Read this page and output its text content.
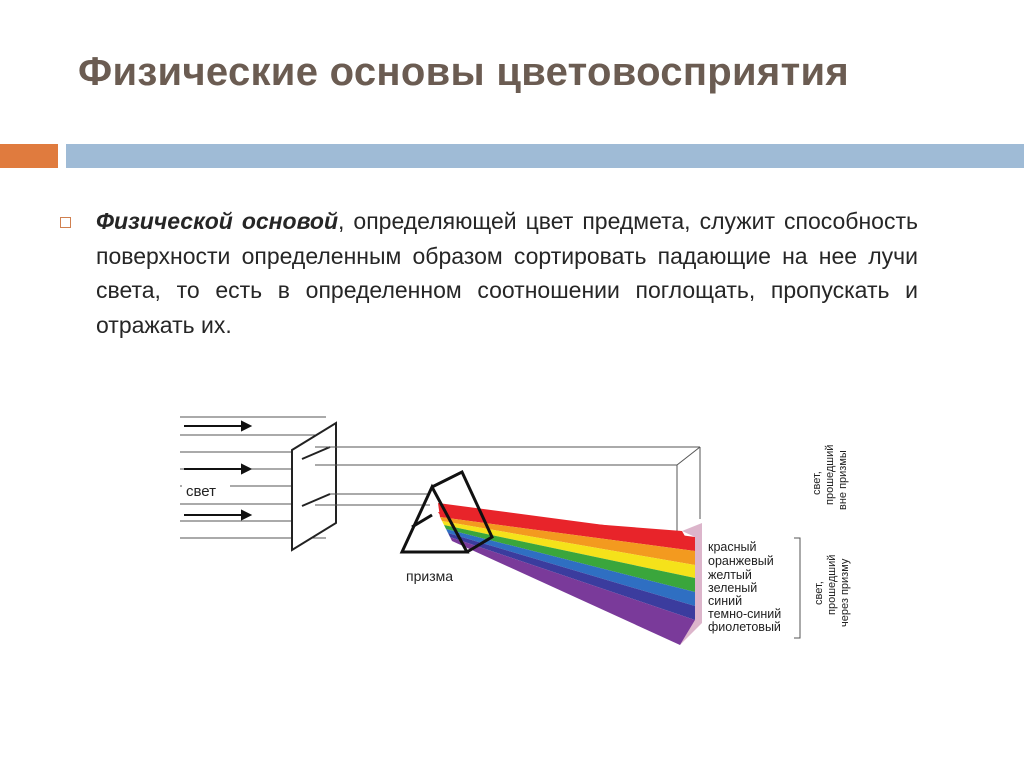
Физические основы цветовосприятия
Физической основой, определяющей цвет предмета, служит способность поверхности определенным образом сортировать падающие на нее лучи света, то есть в определенном соотношении поглощать, пропускать и отражать их.
свет
призма
красный
оранжевый
желтый
зеленый
синий
темно-синий
фиолетовый
свет, прошедший вне призмы
свет, прошедший через призму
